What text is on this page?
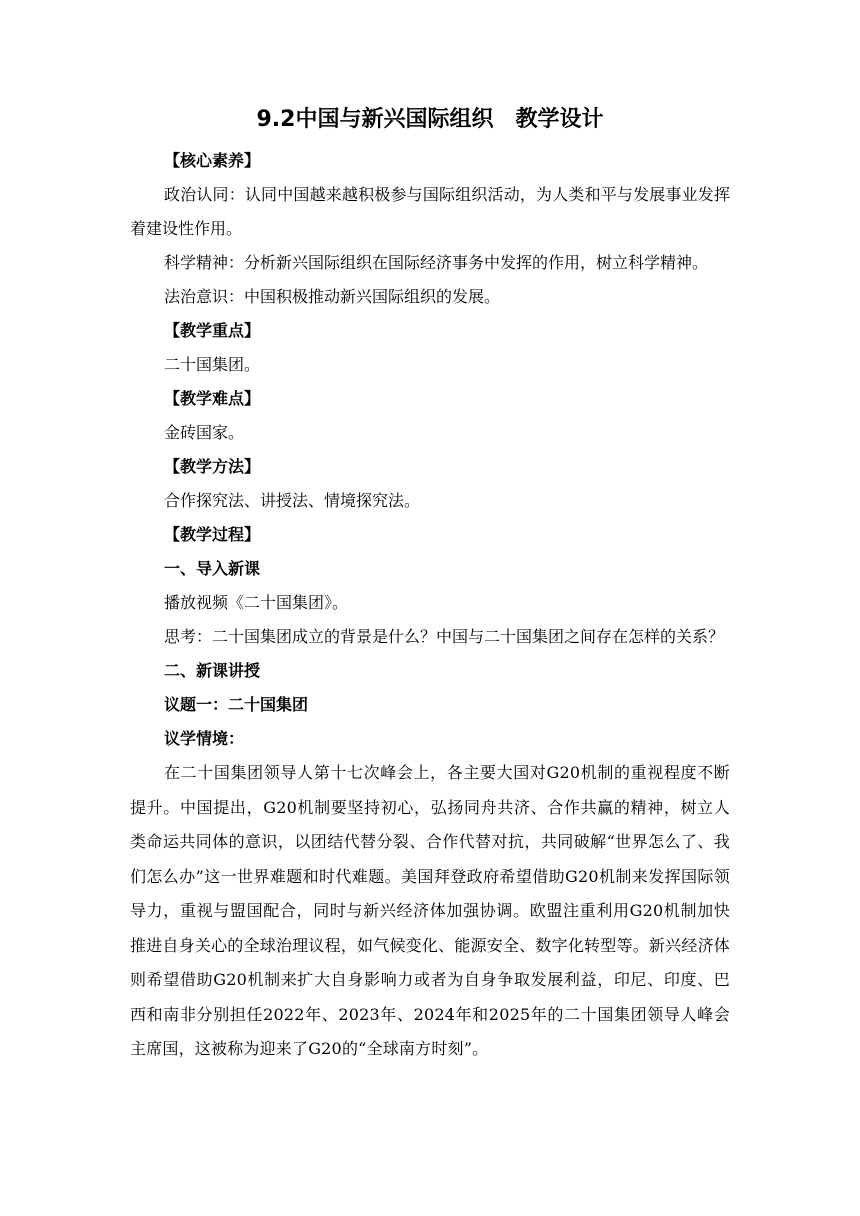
9.2中国与新兴国际组织　教学设计

【核心素养】

政治认同：认同中国越来越积极参与国际组织活动，为人类和平与发展事业发挥着建设性作用。

科学精神：分析新兴国际组织在国际经济事务中发挥的作用，树立科学精神。

法治意识：中国积极推动新兴国际组织的发展。

【教学重点】

二十国集团。

【教学难点】

金砖国家。

【教学方法】

合作探究法、讲授法、情境探究法。

【教学过程】

一、导入新课

播放视频《二十国集团》。

思考：二十国集团成立的背景是什么？中国与二十国集团之间存在怎样的关系？

二、新课讲授

议题一：二十国集团

议学情境：

在二十国集团领导人第十七次峰会上，各主要大国对G20机制的重视程度不断提升。中国提出，G20机制要坚持初心，弘扬同舟共济、合作共赢的精神，树立人类命运共同体的意识，以团结代替分裂、合作代替对抗，共同破解“世界怎么了、我们怎么办”这一世界难题和时代难题。美国拜登政府希望借助G20机制来发挥国际领导力，重视与盟国配合，同时与新兴经济体加强协调。欧盟注重利用G20机制加快推进自身关心的全球治理议程，如气候变化、能源安全、数字化转型等。新兴经济体则希望借助G20机制来扩大自身影响力或者为自身争取发展利益，印尼、印度、巴西和南非分别担任2022年、2023年、2024年和2025年的二十国集团领导人峰会主席国，这被称为迎来了G20的“全球南方时刻”。
